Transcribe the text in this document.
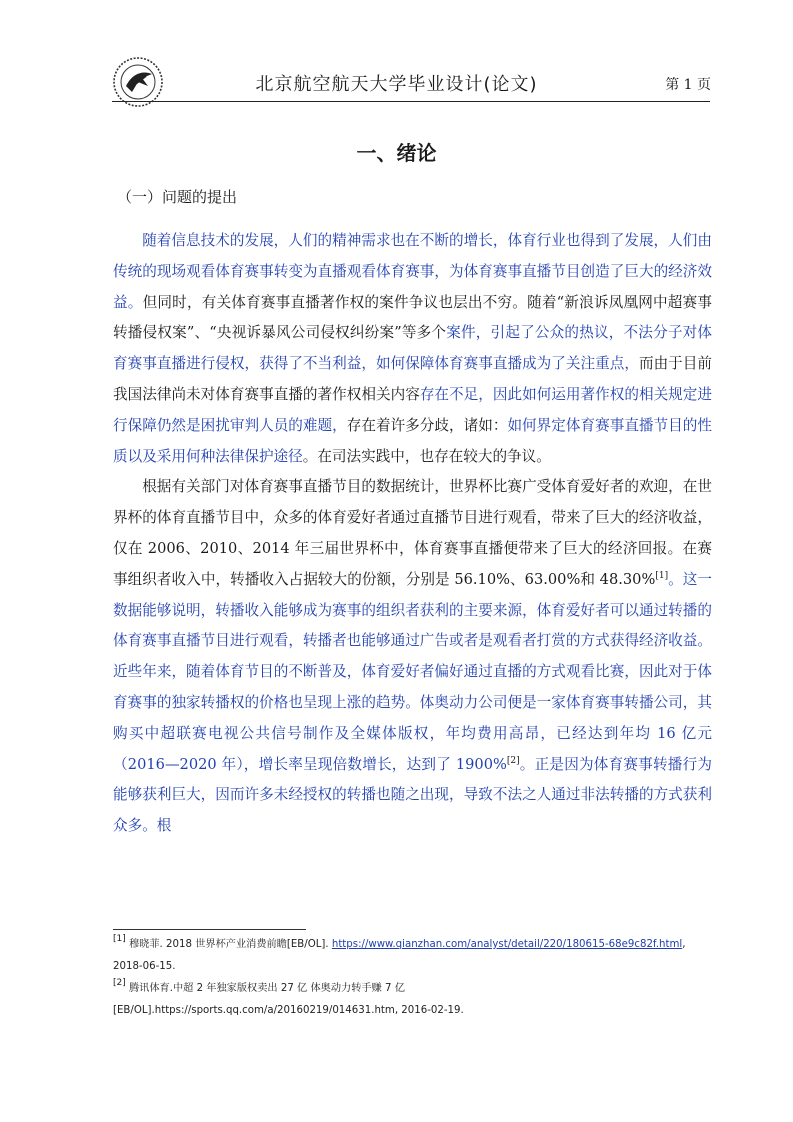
北京航空航天大学毕业设计(论文)	第 1 页
一、绪论
（一）问题的提出

随着信息技术的发展，人们的精神需求也在不断的增长，体育行业也得到了发展，人们由传统的现场观看体育赛事转变为直播观看体育赛事，为体育赛事直播节目创造了巨大的经济效益。但同时，有关体育赛事直播著作权的案件争议也层出不穷。随着“新浪诉凤凰网中超赛事转播侵权案”、“央视诉暴风公司侵权纠纷案”等多个案件，引起了公众的热议，不法分子对体育赛事直播进行侵权，获得了不当利益，如何保障体育赛事直播成为了关注重点，而由于目前我国法律尚未对体育赛事直播的著作权相关内容存在不足，因此如何运用著作权的相关规定进行保障仍然是困扰审判人员的难题，存在着许多分歧，诸如：如何界定体育赛事直播节目的性质以及采用何种法律保护途径。在司法实践中，也存在较大的争议。

根据有关部门对体育赛事直播节目的数据统计，世界杯比赛广受体育爱好者的欢迎，在世界杯的体育直播节目中，众多的体育爱好者通过直播节目进行观看，带来了巨大的经济收益，仅在 2006、2010、2014 年三届世界杯中，体育赛事直播便带来了巨大的经济回报。在赛事组织者收入中，转播收入占据较大的份额，分别是 56.10%、63.00%和 48.30%[1]。这一数据能够说明，转播收入能够成为赛事的组织者获利的主要来源，体育爱好者可以通过转播的体育赛事直播节目进行观看，转播者也能够通过广告或者是观看者打赏的方式获得经济收益。近些年来，随着体育节目的不断普及，体育爱好者偏好通过直播的方式观看比赛，因此对于体育赛事的独家转播权的价格也呈现上涨的趋势。体奥动力公司便是一家体育赛事转播公司，其购买中超联赛电视公共信号制作及全媒体版权，年均费用高昂，已经达到年均 16 亿元（2016—2020 年），增长率呈现倍数增长，达到了 1900%[2]。正是因为体育赛事转播行为能够获利巨大，因而许多未经授权的转播也随之出现，导致不法之人通过非法转播的方式获利众多。根

[1] 穆晓菲. 2018 世界杯产业消费前瞻[EB/OL]. https://www.qianzhan.com/analyst/detail/220/180615-68e9c82f.html,
2018-06-15.
[2] 腾讯体育.中超 2 年独家版权卖出 27 亿 体奥动力转手赚 7 亿
[EB/OL].https://sports.qq.com/a/20160219/014631.htm, 2016-02-19.
